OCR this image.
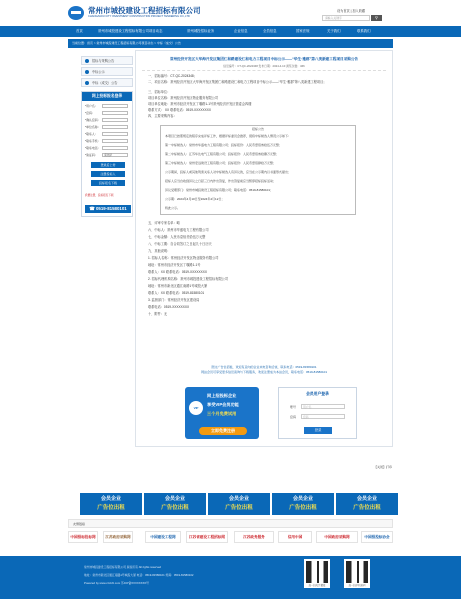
常州市城投建设工程招标有限公司
CHANGZHOU CITY INVESTMENT CONSTRUCTION PROJECT TENDERING CO.,LTD
设为首页 | 加入收藏
请输入关键字	⚲
首页	常州市城投建设工程招标有限公司项目动态	常州城投招标业务	企业信息	全员信息	国家法规	关于我们	联系我们
当前位置：首页 > 常州市城投建设工程招标有限公司项目动态 > 中标（成交）公告
招标与采购公告
中标公示
中标（成交）公告
网上投标报名登录
*用户名：
*密码：
*确认密码：
*单位名称：
*联系人：
*联系手机：
*联系电话：
*验证码：	请选择
登录后上传
注册投标人
投标报名下载
我要注册，投标报名下载
☎ 0519-81580101
常州经济开发区大华海开发区集团仁和路建设仁和电力工程项目中标公示——“华生·雅郡”第八类新建工程项目采购公告
信息编号：CT-QC-2024348 发布日期：2024-4-10 浏览次数：466
一、招标编号：CT-QC-2024348；
二、项目名称：常州经济开发区大华海开发区集团仁和路建设仁和电力工程项目中标公示——“华生·雅郡”第八类新建工程项目；
三、招标单位：
项目单位名称：常州经济开发区物业服务有限公司
项目单位地址：常州市经济开发区丁堰路1-1号常州经济开发区管委会四楼
联系方式： XX 联系电话：0519-XXXXXXXX
四、主要采购内容：
招标公告
本项目已按照规定的程序完成评标工作，根据评标委员会推荐，现将中标候选人情况公示如下：
第一中标候选人：常州市华盛电力工程有限公司；投标报价：人民币壹佰叁拾伍万元整；
第二中标候选人：江苏华达电气工程有限公司；投标报价：人民币壹佰叁拾捌万元整；
第三中标候选人：常州宏远建设工程有限公司；投标报价：人民币壹佰肆拾万元整；
公示期间，投标人或其他利害关系人对中标候选人有异议的，应当在公示期内以书面形式提出；
招标人应当自收到异议之日起三日内作出答复，作出答复前应当暂停招标投标活动；
异议受理部门：常州市城投建设工程招标有限公司；联系电话：0519-81580101；
公示期：2024年4月10日至2024年4月12日；
特此公示。
五、评审专家名单：略
六、中标人：常州市华盛电力工程有限公司
七、中标金额：人民币壹佰叁拾伍万元整
八、中标工期：自合同签订之日起九十日历天
九、其他说明：
1. 招标人名称：常州经济开发区物业服务有限公司
地址：常州市经济开发区丁堰路1-1号
联系人：XX 联系电话：0519-XXXXXXXX
2. 招标代理机构名称：常州市城投建设工程招标有限公司
地址：常州市新北区通江南路1号城投大厦
联系人：XX 联系电话：0519-81580101
3. 监督部门：常州经济开发区建设局
联系电话：0519-XXXXXXXX
十、附件：无
图文广告位招租，欢迎有意向的企业来电咨询洽谈，联系电话：0519-81580101
网站会员可享受更多信息查询与下载服务，欢迎注册成为本站会员，联系电话：0519-81580101
网上招投标企业
享受VIP会员功能
三个月免费试用
VIP
立即免费注册
会员用户登录
账号	用户名
密码	密码
登录
【关闭】打印
会员企业
广告位出租
会员企业
广告位出租
会员企业
广告位出租
会员企业
广告位出租
会员企业
广告位出租
友情链接
中国招标投标网	江苏政府采购网	中国建设工程网	江苏省建设工程招标网	江苏政务服务	信用中国	中国政府采购网	中国招投标协会
常州市城投建设工程招标有限公司 版权所有 All rights reserved
地址：常州市新北区通江南路1号城投大厦 电话：0519-81580101 传真：0519-81580102
Powered by www.czctzb.com 苏ICP备XXXXXXXX号
扫一扫关注微信	扫一扫手机访问
